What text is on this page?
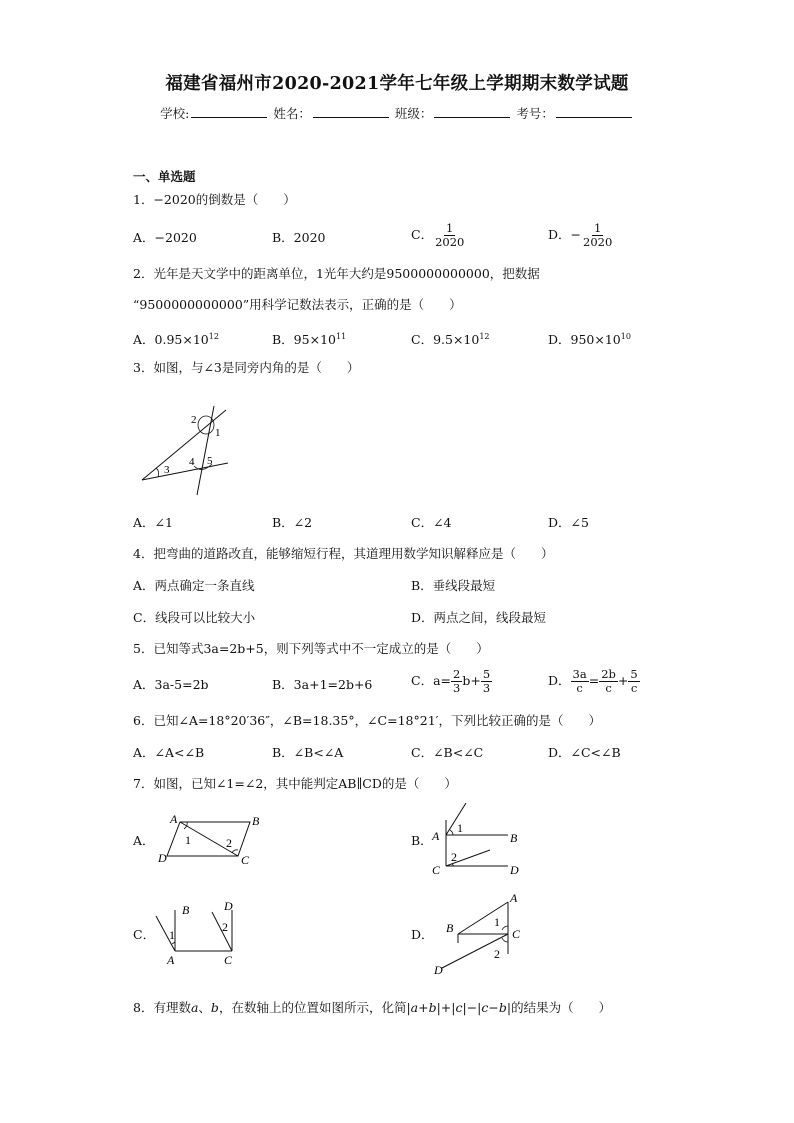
福建省福州市2020-2021学年七年级上学期期末数学试题
学校:	姓名：	班级：	考号：
一、单选题
1．−2020的倒数是（　　）
A．−2020	B．2020	C． $\frac{1}{2020}$	D．− $\frac{1}{2020}$
2．光年是天文学中的距离单位，1光年大约是9500000000000，把数据
“9500000000000”用科学记数法表示，正确的是（　　）
A．$0.95\times 10^{12}$	B．$95\times 10^{11}$	C．$9.5\times 10^{12}$	D．$950\times 10^{10}$
3．如图，与∠3是同旁内角的是（　　）
2
1
3
4 5
A．∠1	B．∠2	C．∠4	D．∠5
4．把弯曲的道路改直，能够缩短行程，其道理用数学知识解释应是（　　）
A．两点确定一条直线	B．垂线段最短
C．线段可以比较大小	D．两点之间，线段最短
5．已知等式3a=2b+5，则下列等式中不一定成立的是（　　）
A．3a-5=2b	B．3a+1=2b+6	C．$a= \frac{2}{3} b+ \frac{5}{3}$	D． $\frac{3a}{c} = \frac{2b}{c} + \frac{5}{c}$
6．已知∠A=18°20′36″，∠B=18.35°，∠C=18°21′，下列比较正确的是（　　）
A．∠A<∠B	B．∠B<∠A	C．∠B<∠C	D．∠C<∠B
7．如图，已知∠1=∠2，其中能判定AB∥CD的是（　　）
A．
A	B
D	C
1	2	B． A
1
B
2
C	D
C．
B	D
1
2
A	C
D．
A
B	1
C
2
D
8．有理数a、b，在数轴上的位置如图所示，化简|a+b|+|c|−|c−b|的结果为（　　）
